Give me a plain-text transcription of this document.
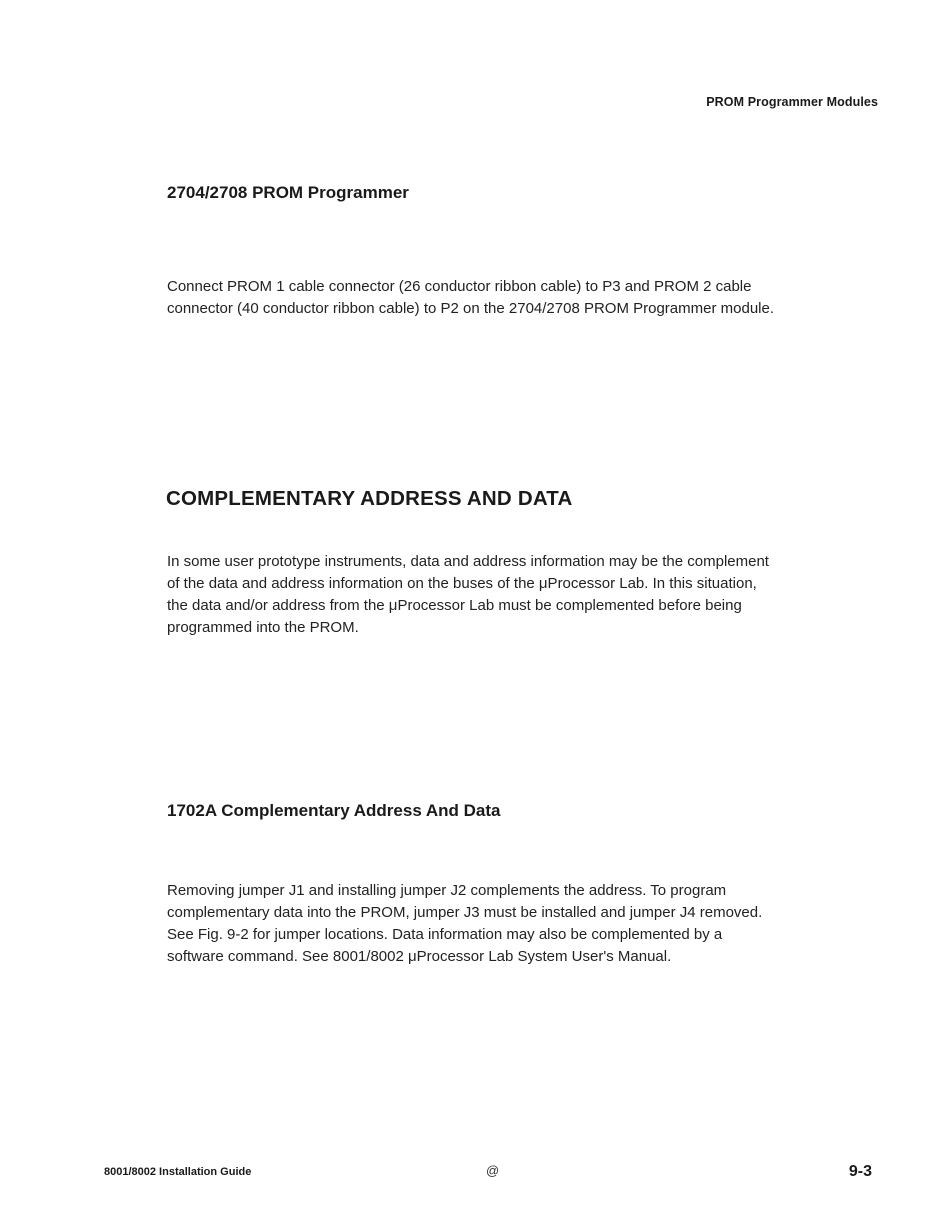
PROM Programmer Modules
2704/2708 PROM Programmer

Connect PROM 1 cable connector (26 conductor ribbon cable) to P3 and PROM 2 cable
connector (40 conductor ribbon cable) to P2 on the 2704/2708 PROM Programmer module.

COMPLEMENTARY ADDRESS AND DATA

In some user prototype instruments, data and address information may be the complement
of the data and address information on the buses of the μProcessor Lab. In this situation,
the data and/or address from the μProcessor Lab must be complemented before being
programmed into the PROM.

1702A Complementary Address And Data

Removing jumper J1 and installing jumper J2 complements the address. To program
complementary data into the PROM, jumper J3 must be installed and jumper J4 removed.
See Fig. 9-2 for jumper locations. Data information may also be complemented by a
software command. See 8001/8002 μProcessor Lab System User's Manual.

8001/8002 Installation Guide	@	9-3
